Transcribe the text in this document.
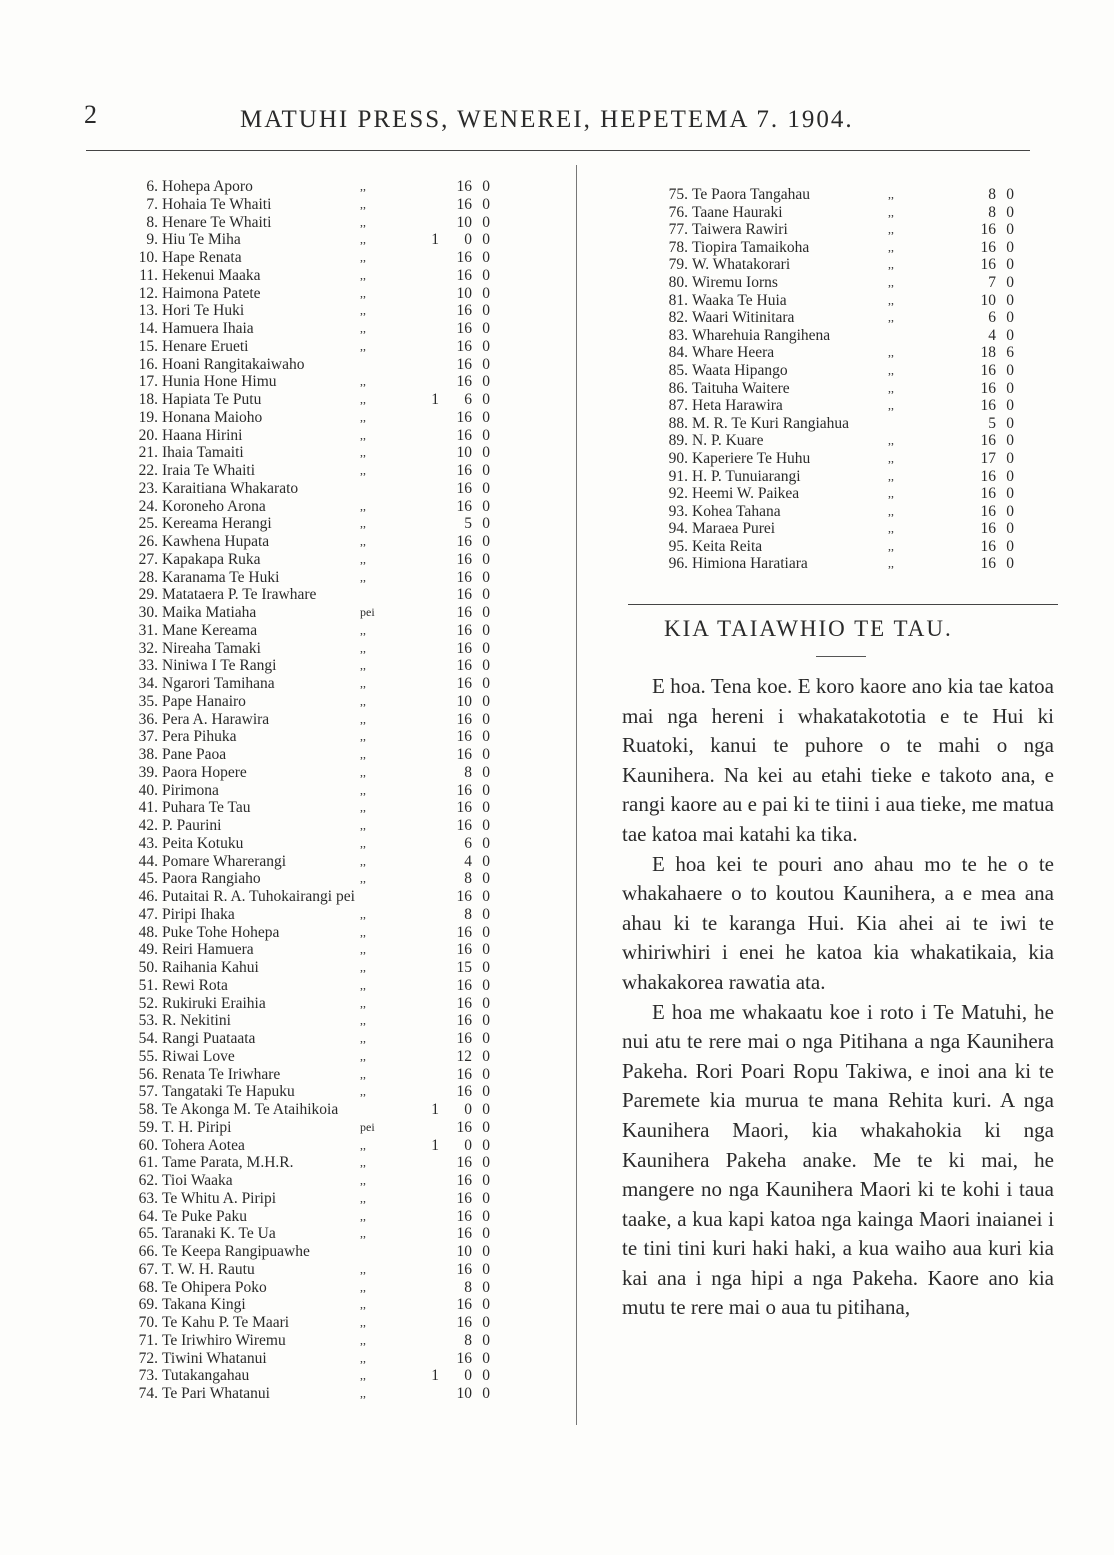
2	MATUHI PRESS, WENEREI, HEPETEMA 7. 1904.
6. Hohepa Aporo	,,	16 0
7. Hohaia Te Whaiti	,,	16 0
8. Henare Te Whaiti	,,	10 0
9. Hiu Te Miha	,,	1	0 0
10. Hape Renata	,,	16 0
11. Hekenui Maaka	,,	16 0
12. Haimona Patete	,,	10 0
13. Hori Te Huki	,,	16 0
14. Hamuera Ihaia	,,	16 0
15. Henare Erueti	,,	16 0
16. Hoani Rangitakaiwaho	16 0
17. Hunia Hone Himu	,,	16 0
18. Hapiata Te Putu	,,	1	6 0
19. Honana Maioho	,,	16 0
20. Haana Hirini	,,	16 0
21. Ihaia Tamaiti	,,	10 0
22. Iraia Te Whaiti	,,	16 0
23. Karaitiana Whakarato	16 0
24. Koroneho Arona	,,	16 0
25. Kereama Herangi	,,	5 0
26. Kawhena Hupata	,,	16 0
27. Kapakapa Ruka	,,	16 0
28. Karanama Te Huki	,,	16 0
29. Matataera P. Te Irawhare	16 0
30. Maika Matiaha	pei	16 0
31. Mane Kereama	,,	16 0
32. Nireaha Tamaki	,,	16 0
33. Niniwa I Te Rangi	,,	16 0
34. Ngarori Tamihana	,,	16 0
35. Pape Hanairo	,,	10 0
36. Pera A. Harawira	,,	16 0
37. Pera Pihuka	,,	16 0
38. Pane Paoa	,,	16 0
39. Paora Hopere	,,	8 0
40. Pirimona	,,	16 0
41. Puhara Te Tau	,,	16 0
42. P. Paurini	,,	16 0
43. Peita Kotuku	,,	6 0
44. Pomare Wharerangi	,,	4 0
45. Paora Rangiaho	,,	8 0
46. Putaitai R. A. Tuhokairangi pei	16 0
47. Piripi Ihaka	,,	8 0
48. Puke Tohe Hohepa	,,	16 0
49. Reiri Hamuera	,,	16 0
50. Raihania Kahui	,,	15 0
51. Rewi Rota	,,	16 0
52. Rukiruki Eraihia	,,	16 0
53. R. Nekitini	,,	16 0
54. Rangi Puataata	,,	16 0
55. Riwai Love	,,	12 0
56. Renata Te Iriwhare	,,	16 0
57. Tangataki Te Hapuku	,,	16 0
58. Te Akonga M. Te Ataihikoia	1	0 0
59. T. H. Piripi	pei	16 0
60. Tohera Aotea	,,	1	0 0
61. Tame Parata, M.H.R.	,,	16 0
62. Tioi Waaka	,,	16 0
63. Te Whitu A. Piripi	,,	16 0
64. Te Puke Paku	,,	16 0
65. Taranaki K. Te Ua	,,	16 0
66. Te Keepa Rangipuawhe	10 0
67. T. W. H. Rautu	,,	16 0
68. Te Ohipera Poko	,,	8 0
69. Takana Kingi	,,	16 0
70. Te Kahu P. Te Maari	,,	16 0
71. Te Iriwhiro Wiremu	,,	8 0
72. Tiwini Whatanui	,,	16 0
73. Tutakangahau	,,	1	0 0
74. Te Pari Whatanui	,,	10 0
75. Te Paora Tangahau	,,	8 0
76. Taane Hauraki	,,	8 0
77. Taiwera Rawiri	,,	16 0
78. Tiopira Tamaikoha	,,	16 0
79. W. Whatakorari	,,	16 0
80. Wiremu Iorns	,,	7 0
81. Waaka Te Huia	,,	10 0
82. Waari Witinitara	,,	6 0
83. Wharehuia Rangihena	4 0
84. Whare Heera	,,	18 6
85. Waata Hipango	,,	16 0
86. Taituha Waitere	,,	16 0
87. Heta Harawira	,,	16 0
88. M. R. Te Kuri Rangiahua	5 0
89. N. P. Kuare	,,	16 0
90. Kaperiere Te Huhu	,,	17 0
91. H. P. Tunuiarangi	,,	16 0
92. Heemi W. Paikea	,,	16 0
93. Kohea Tahana	,,	16 0
94. Maraea Purei	,,	16 0
95. Keita Reita	,,	16 0
96. Himiona Haratiara	,,	16 0
KIA TAIAWHIO TE TAU.

E hoa. Tena koe. E koro kaore ano kia tae katoa mai nga hereni i whakatakototia e te Hui ki Ruatoki, kanui te puhore o te mahi o nga Kaunihera. Na kei au etahi tieke e takoto ana, e rangi kaore au e pai ki te tiini i aua tieke, me matua tae katoa mai katahi ka tika.

E hoa kei te pouri ano ahau mo te he o te whakahaere o to koutou Kaunihera, a e mea ana ahau ki te karanga Hui. Kia ahei ai te iwi te whiriwhiri i enei he katoa kia whakatikaia, kia whakakorea rawatia ata.

E hoa me whakaatu koe i roto i Te Matuhi, he nui atu te rere mai o nga Pitihana a nga Kaunihera Pakeha. Rori Poari Ropu Takiwa, e inoi ana ki te Paremete kia murua te mana Rehita kuri. A nga Kaunihera Maori, kia whakahokia ki nga Kaunihera Pakeha anake. Me te ki mai, he mangere no nga Kaunihera Maori ki te kohi i taua taake, a kua kapi katoa nga kainga Maori inaianei i te tini tini kuri haki haki, a kua waiho aua kuri kia kai ana i nga hipi a nga Pakeha. Kaore ano kia mutu te rere mai o aua tu pitihana,
